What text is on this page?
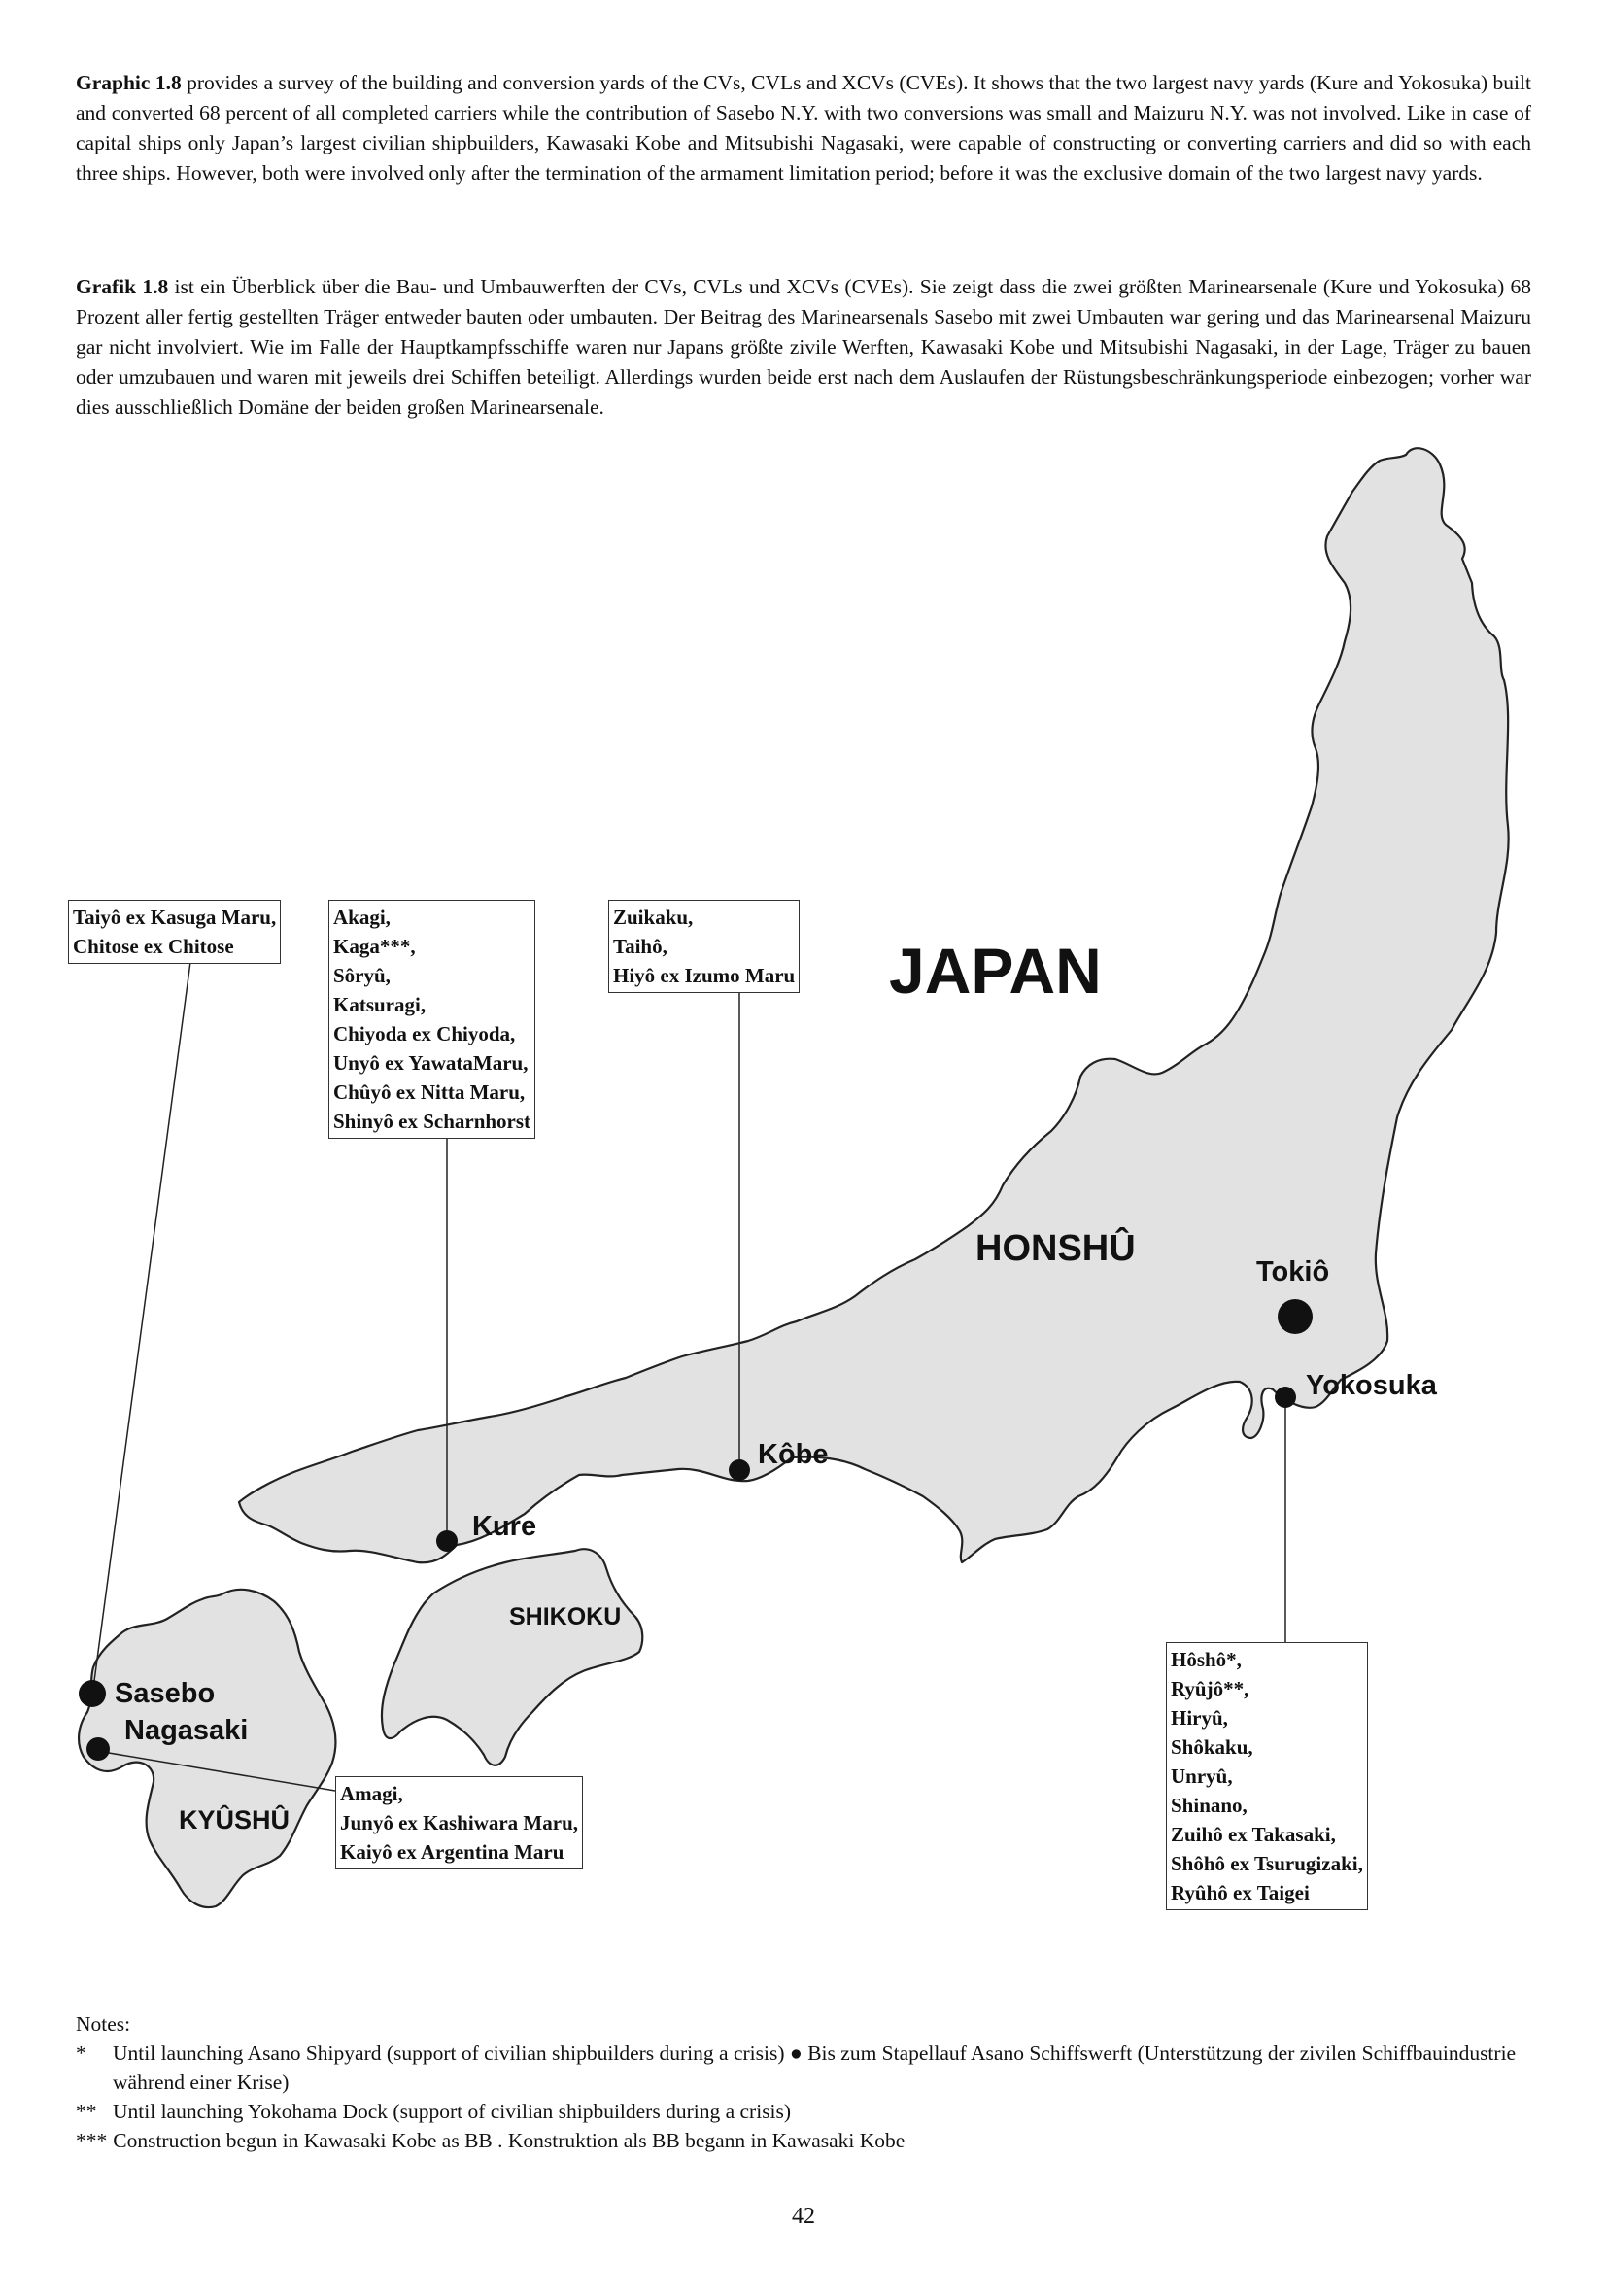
Graphic 1.8 provides a survey of the building and conversion yards of the CVs, CVLs and XCVs (CVEs). It shows that the two largest navy yards (Kure and Yokosuka) built and converted 68 percent of all completed carriers while the contribution of Sasebo N.Y. with two conversions was small and Maizuru N.Y. was not involved. Like in case of capital ships only Japan’s largest civilian shipbuilders, Kawasaki Kobe and Mitsubishi Nagasaki, were capable of constructing or converting carriers and did so with each three ships. However, both were involved only after the termination of the armament limitation period; before it was the exclusive domain of the two largest navy yards.

Grafik 1.8 ist ein Überblick über die Bau- und Umbauwerften der CVs, CVLs und XCVs (CVEs). Sie zeigt dass die zwei größten Marinearsenale (Kure und Yokosuka) 68 Prozent aller fertig gestellten Träger entweder bauten oder umbauten. Der Beitrag des Marinearsenals Sasebo mit zwei Umbauten war gering und das Marinearsenal Maizuru gar nicht involviert. Wie im Falle der Hauptkampfsschiffe waren nur Japans größte zivile Werften, Kawasaki Kobe und Mitsubishi Nagasaki, in der Lage, Träger zu bauen oder umzubauen und waren mit jeweils drei Schiffen beteiligt. Allerdings wurden beide erst nach dem Auslaufen der Rüstungsbeschränkungsperiode einbezogen; vorher war dies ausschließlich Domäne der beiden großen Marinearsenale.

JAPAN
HONSHÛ
SHIKOKU
KYÛSHÛ
Tokiô
Yokosuka
Kôbe
Kure
Sasebo
Nagasaki
Taiyô ex Kasuga Maru,
Chitose ex Chitose
Akagi,
Kaga***,
Sôryû,
Katsuragi,
Chiyoda ex Chiyoda,
Unyô ex YawataMaru,
Chûyô ex Nitta Maru,
Shinyô ex Scharnhorst
Zuikaku,
Taihô,
Hiyô ex Izumo Maru
Hôshô*,
Ryûjô**,
Hiryû,
Shôkaku,
Unryû,
Shinano,
Zuihô ex Takasaki,
Shôhô ex Tsurugizaki,
Ryûhô ex Taigei
Amagi,
Junyô ex Kashiwara Maru,
Kaiyô ex Argentina Maru
Notes:
*	Until launching Asano Shipyard (support of civilian shipbuilders during a crisis) ● Bis zum Stapellauf Asano Schiffswerft (Unterstützung der zivilen Schiffbauindustrie während einer Krise)
** Until launching Yokohama Dock (support of civilian shipbuilders during a crisis)
*** Construction begun in Kawasaki Kobe as BB . Konstruktion als BB begann in Kawasaki Kobe
42
